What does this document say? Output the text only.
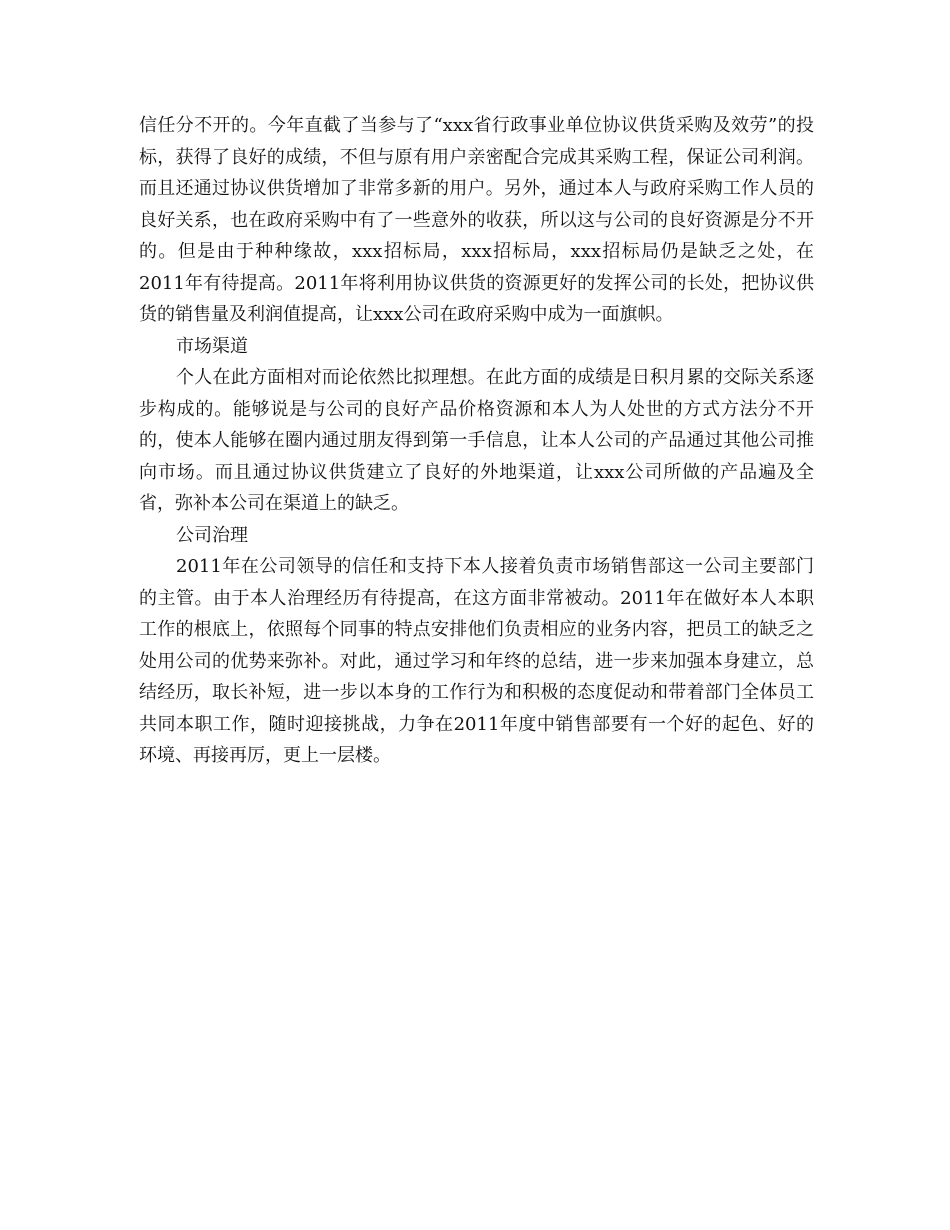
信任分不开的。今年直截了当参与了“xxx省行政事业单位协议供货采购及效劳”的投标，获得了良好的成绩，不但与原有用户亲密配合完成其采购工程，保证公司利润。而且还通过协议供货增加了非常多新的用户。另外，通过本人与政府采购工作人员的良好关系，也在政府采购中有了一些意外的收获，所以这与公司的良好资源是分不开的。但是由于种种缘故，xxx招标局，xxx招标局，xxx招标局仍是缺乏之处，在2011年有待提高。2011年将利用协议供货的资源更好的发挥公司的长处，把协议供货的销售量及利润值提高，让xxx公司在政府采购中成为一面旗帜。

市场渠道

个人在此方面相对而论依然比拟理想。在此方面的成绩是日积月累的交际关系逐步构成的。能够说是与公司的良好产品价格资源和本人为人处世的方式方法分不开的，使本人能够在圈内通过朋友得到第一手信息，让本人公司的产品通过其他公司推向市场。而且通过协议供货建立了良好的外地渠道，让xxx公司所做的产品遍及全省，弥补本公司在渠道上的缺乏。

公司治理

2011年在公司领导的信任和支持下本人接着负责市场销售部这一公司主要部门的主管。由于本人治理经历有待提高，在这方面非常被动。2011年在做好本人本职工作的根底上，依照每个同事的特点安排他们负责相应的业务内容，把员工的缺乏之处用公司的优势来弥补。对此，通过学习和年终的总结，进一步来加强本身建立，总结经历，取长补短，进一步以本身的工作行为和积极的态度促动和带着部门全体员工共同本职工作，随时迎接挑战，力争在2011年度中销售部要有一个好的起色、好的环境、再接再厉，更上一层楼。
